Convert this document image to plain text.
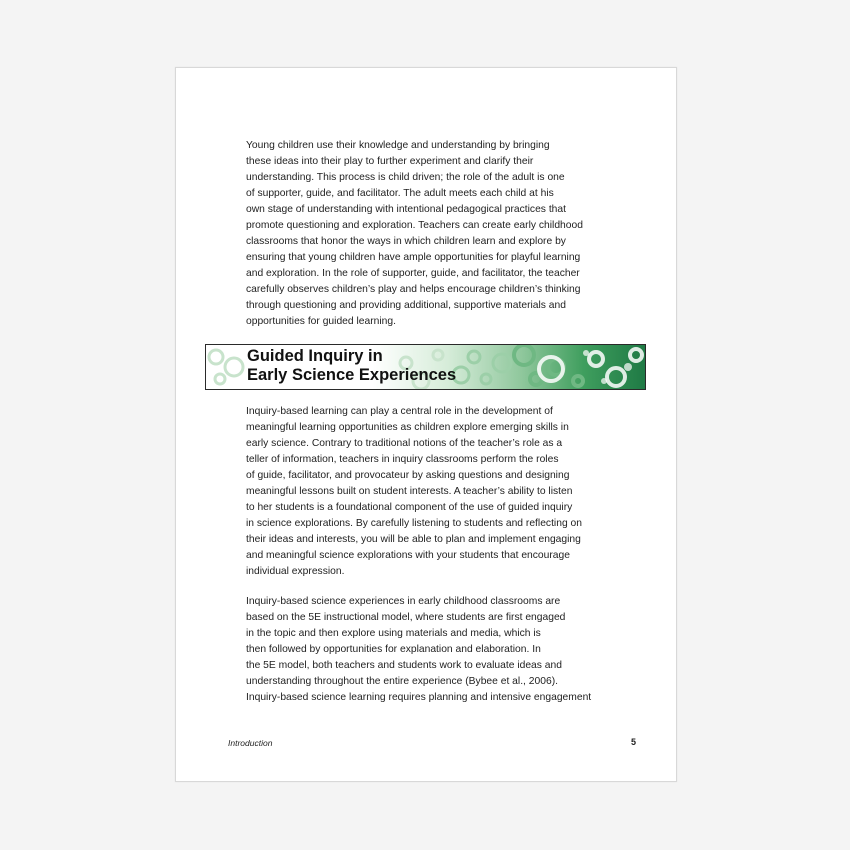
Young children use their knowledge and understanding by bringing
these ideas into their play to further experiment and clarify their
understanding. This process is child driven; the role of the adult is one
of supporter, guide, and facilitator. The adult meets each child at his
own stage of understanding with intentional pedagogical practices that
promote questioning and exploration. Teachers can create early childhood
classrooms that honor the ways in which children learn and explore by
ensuring that young children have ample opportunities for playful learning
and exploration. In the role of supporter, guide, and facilitator, the teacher
carefully observes children’s play and helps encourage children’s thinking
through questioning and providing additional, supportive materials and
opportunities for guided learning.

Guided Inquiry in
Early Science Experiences

Inquiry-based learning can play a central role in the development of
meaningful learning opportunities as children explore emerging skills in
early science. Contrary to traditional notions of the teacher’s role as a
teller of information, teachers in inquiry classrooms perform the roles
of guide, facilitator, and provocateur by asking questions and designing
meaningful lessons built on student interests. A teacher’s ability to listen
to her students is a foundational component of the use of guided inquiry
in science explorations. By carefully listening to students and reflecting on
their ideas and interests, you will be able to plan and implement engaging
and meaningful science explorations with your students that encourage
individual expression.

Inquiry-based science experiences in early childhood classrooms are
based on the 5E instructional model, where students are first engaged
in the topic and then explore using materials and media, which is
then followed by opportunities for explanation and elaboration. In
the 5E model, both teachers and students work to evaluate ideas and
understanding throughout the entire experience (Bybee et al., 2006).
Inquiry-based science learning requires planning and intensive engagement

Introduction	5
